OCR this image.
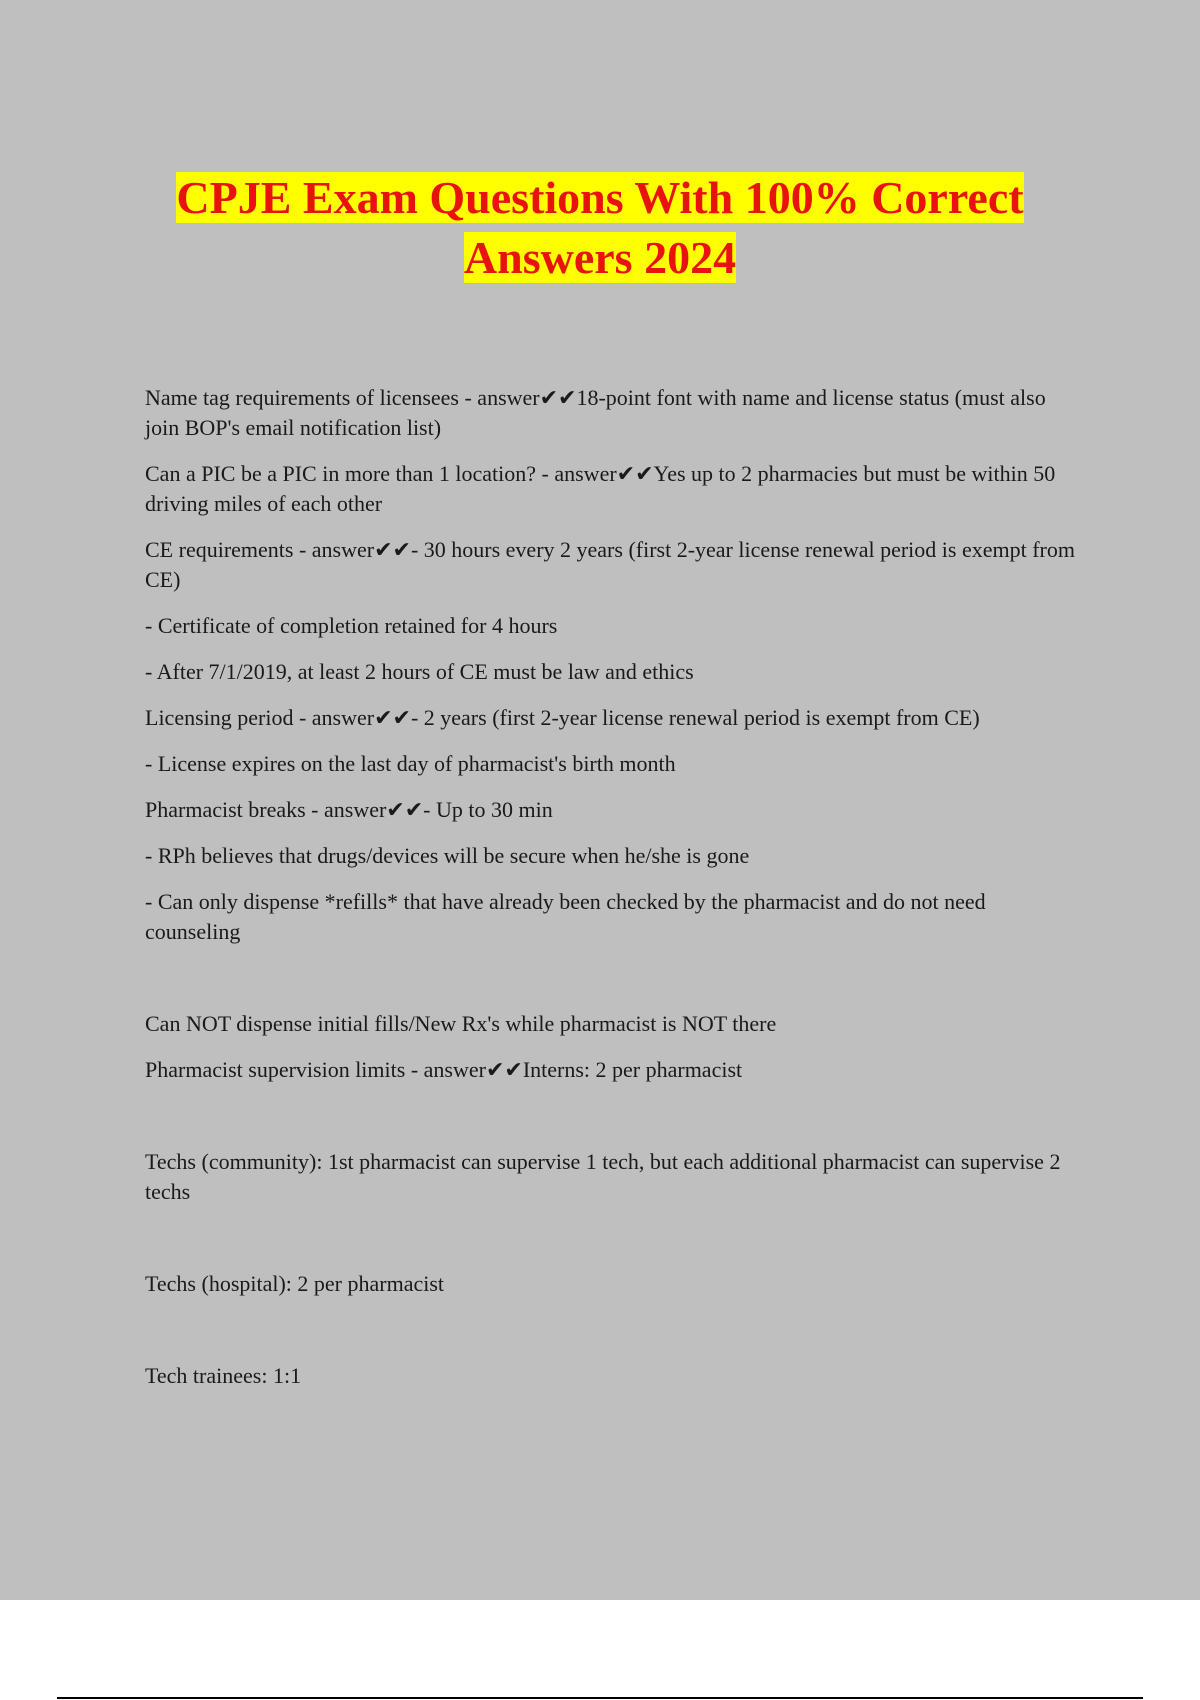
CPJE Exam Questions With 100% Correct
Answers 2024

Name tag requirements of licensees - answer✔✔18-point font with name and license status (must also join BOP's email notification list)

Can a PIC be a PIC in more than 1 location? - answer✔✔Yes up to 2 pharmacies but must be within 50 driving miles of each other

CE requirements - answer✔✔- 30 hours every 2 years (first 2-year license renewal period is exempt from CE)

- Certificate of completion retained for 4 hours

- After 7/1/2019, at least 2 hours of CE must be law and ethics

Licensing period - answer✔✔- 2 years (first 2-year license renewal period is exempt from CE)

- License expires on the last day of pharmacist's birth month

Pharmacist breaks - answer✔✔- Up to 30 min

- RPh believes that drugs/devices will be secure when he/she is gone

- Can only dispense *refills* that have already been checked by the pharmacist and do not need counseling

Can NOT dispense initial fills/New Rx's while pharmacist is NOT there

Pharmacist supervision limits - answer✔✔Interns: 2 per pharmacist

Techs (community): 1st pharmacist can supervise 1 tech, but each additional pharmacist can supervise 2 techs

Techs (hospital): 2 per pharmacist

Tech trainees: 1:1
